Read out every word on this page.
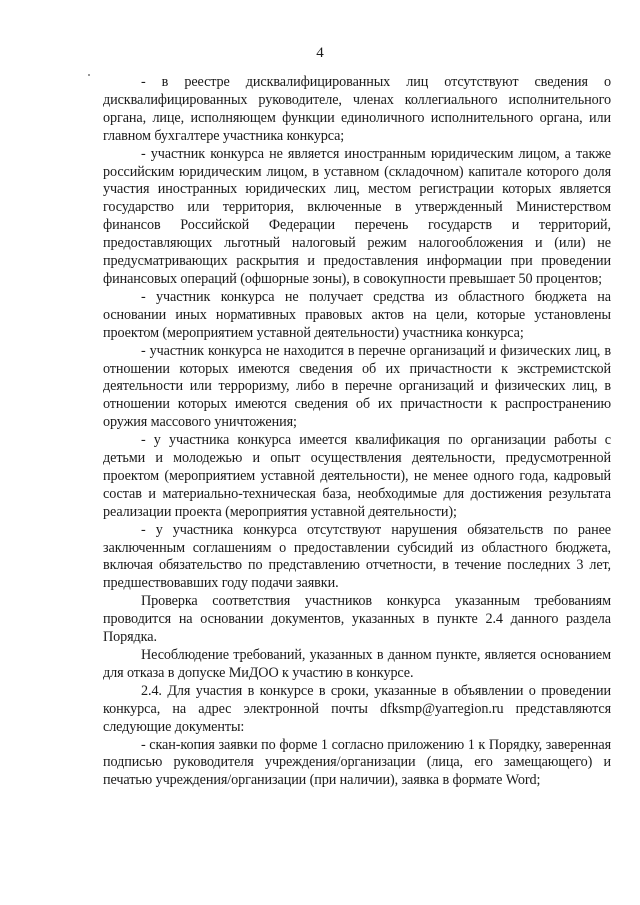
4

- в реестре дисквалифицированных лиц отсутствуют сведения о дисквалифицированных руководителе, членах коллегиального исполнительного органа, лице, исполняющем функции единоличного исполнительного органа, или главном бухгалтере участника конкурса;

- участник конкурса не является иностранным юридическим лицом, а также российским юридическим лицом, в уставном (складочном) капитале которого доля участия иностранных юридических лиц, местом регистрации которых является государство или территория, включенные в утвержденный Министерством финансов Российской Федерации перечень государств и территорий, предоставляющих льготный налоговый режим налогообложения и (или) не предусматривающих раскрытия и предоставления информации при проведении финансовых операций (офшорные зоны), в совокупности превышает 50 процентов;

- участник конкурса не получает средства из областного бюджета на основании иных нормативных правовых актов на цели, которые установлены проектом (мероприятием уставной деятельности) участника конкурса;

- участник конкурса не находится в перечне организаций и физических лиц, в отношении которых имеются сведения об их причастности к экстремистской деятельности или терроризму, либо в перечне организаций и физических лиц, в отношении которых имеются сведения об их причастности к распространению оружия массового уничтожения;

- у участника конкурса имеется квалификация по организации работы с детьми и молодежью и опыт осуществления деятельности, предусмотренной проектом (мероприятием уставной деятельности), не менее одного года, кадровый состав и материально-техническая база, необходимые для достижения результата реализации проекта (мероприятия уставной деятельности);

- у участника конкурса отсутствуют нарушения обязательств по ранее заключенным соглашениям о предоставлении субсидий из областного бюджета, включая обязательство по представлению отчетности, в течение последних 3 лет, предшествовавших году подачи заявки.

Проверка соответствия участников конкурса указанным требованиям проводится на основании документов, указанных в пункте 2.4 данного раздела Порядка.

Несоблюдение требований, указанных в данном пункте, является основанием для отказа в допуске МиДОО к участию в конкурсе.

2.4. Для участия в конкурсе в сроки, указанные в объявлении о проведении конкурса, на адрес электронной почты dfksmp@yarregion.ru представляются следующие документы:

- скан-копия заявки по форме 1 согласно приложению 1 к Порядку, заверенная подписью руководителя учреждения/организации (лица, его замещающего) и печатью учреждения/организации (при наличии), заявка в формате Word;
